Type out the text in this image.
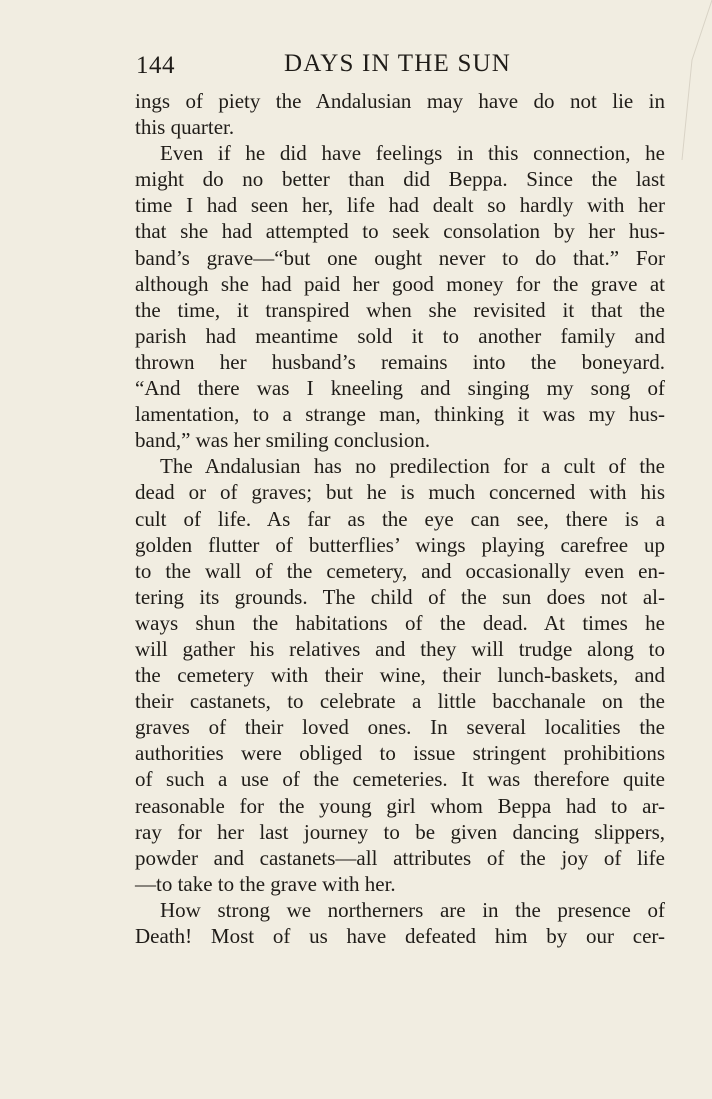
144	DAYS IN THE SUN
ings of piety the Andalusian may have do not lie in
this quarter.
Even if he did have feelings in this connection, he
might do no better than did Beppa. Since the last
time I had seen her, life had dealt so hardly with her
that she had attempted to seek consolation by her hus-
band’s grave—“but one ought never to do that.” For
although she had paid her good money for the grave at
the time, it transpired when she revisited it that the
parish had meantime sold it to another family and
thrown her husband’s remains into the boneyard.
“And there was I kneeling and singing my song of
lamentation, to a strange man, thinking it was my hus-
band,” was her smiling conclusion.
The Andalusian has no predilection for a cult of the
dead or of graves; but he is much concerned with his
cult of life. As far as the eye can see, there is a
golden flutter of butterflies’ wings playing carefree up
to the wall of the cemetery, and occasionally even en-
tering its grounds. The child of the sun does not al-
ways shun the habitations of the dead. At times he
will gather his relatives and they will trudge along to
the cemetery with their wine, their lunch-baskets, and
their castanets, to celebrate a little bacchanale on the
graves of their loved ones. In several localities the
authorities were obliged to issue stringent prohibitions
of such a use of the cemeteries. It was therefore quite
reasonable for the young girl whom Beppa had to ar-
ray for her last journey to be given dancing slippers,
powder and castanets—all attributes of the joy of life
—to take to the grave with her.
How strong we northerners are in the presence of
Death! Most of us have defeated him by our cer-
